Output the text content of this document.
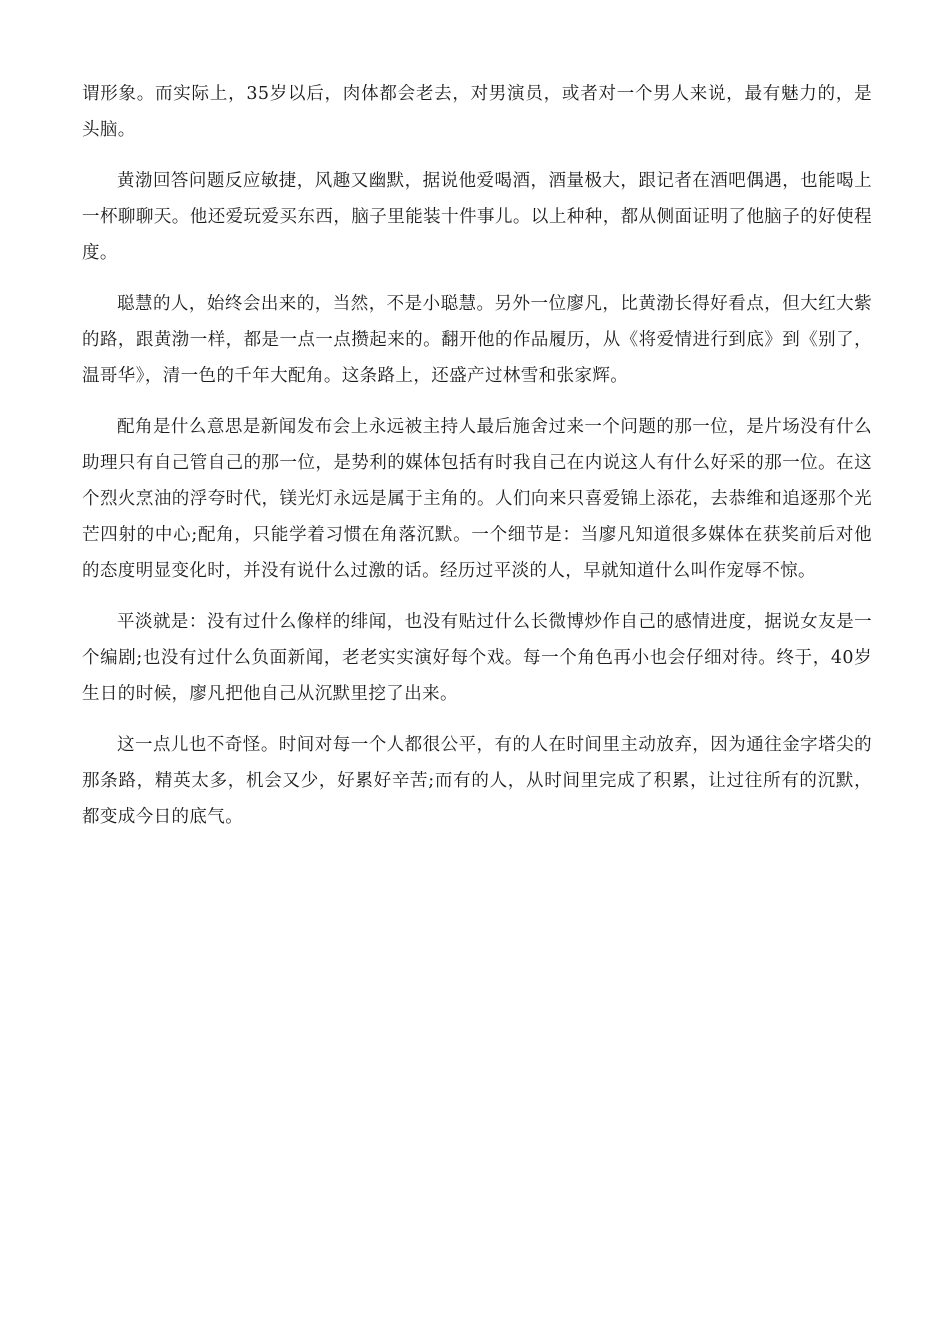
谓形象。而实际上，35岁以后，肉体都会老去，对男演员，或者对一个男人来说，最有魅力的，是头脑。

黄渤回答问题反应敏捷，风趣又幽默，据说他爱喝酒，酒量极大，跟记者在酒吧偶遇，也能喝上一杯聊聊天。他还爱玩爱买东西，脑子里能装十件事儿。以上种种，都从侧面证明了他脑子的好使程度。

聪慧的人，始终会出来的，当然，不是小聪慧。另外一位廖凡，比黄渤长得好看点，但大红大紫的路，跟黄渤一样，都是一点一点攒起来的。翻开他的作品履历，从《将爱情进行到底》到《别了，温哥华》，清一色的千年大配角。这条路上，还盛产过林雪和张家辉。

配角是什么意思是新闻发布会上永远被主持人最后施舍过来一个问题的那一位，是片场没有什么助理只有自己管自己的那一位，是势利的媒体包括有时我自己在内说这人有什么好采的那一位。在这个烈火烹油的浮夸时代，镁光灯永远是属于主角的。人们向来只喜爱锦上添花，去恭维和追逐那个光芒四射的中心;配角，只能学着习惯在角落沉默。一个细节是：当廖凡知道很多媒体在获奖前后对他的态度明显变化时，并没有说什么过激的话。经历过平淡的人，早就知道什么叫作宠辱不惊。

平淡就是：没有过什么像样的绯闻，也没有贴过什么长微博炒作自己的感情进度，据说女友是一个编剧;也没有过什么负面新闻，老老实实演好每个戏。每一个角色再小也会仔细对待。终于，40岁生日的时候，廖凡把他自己从沉默里挖了出来。

这一点儿也不奇怪。时间对每一个人都很公平，有的人在时间里主动放弃，因为通往金字塔尖的那条路，精英太多，机会又少，好累好辛苦;而有的人，从时间里完成了积累，让过往所有的沉默，都变成今日的底气。
